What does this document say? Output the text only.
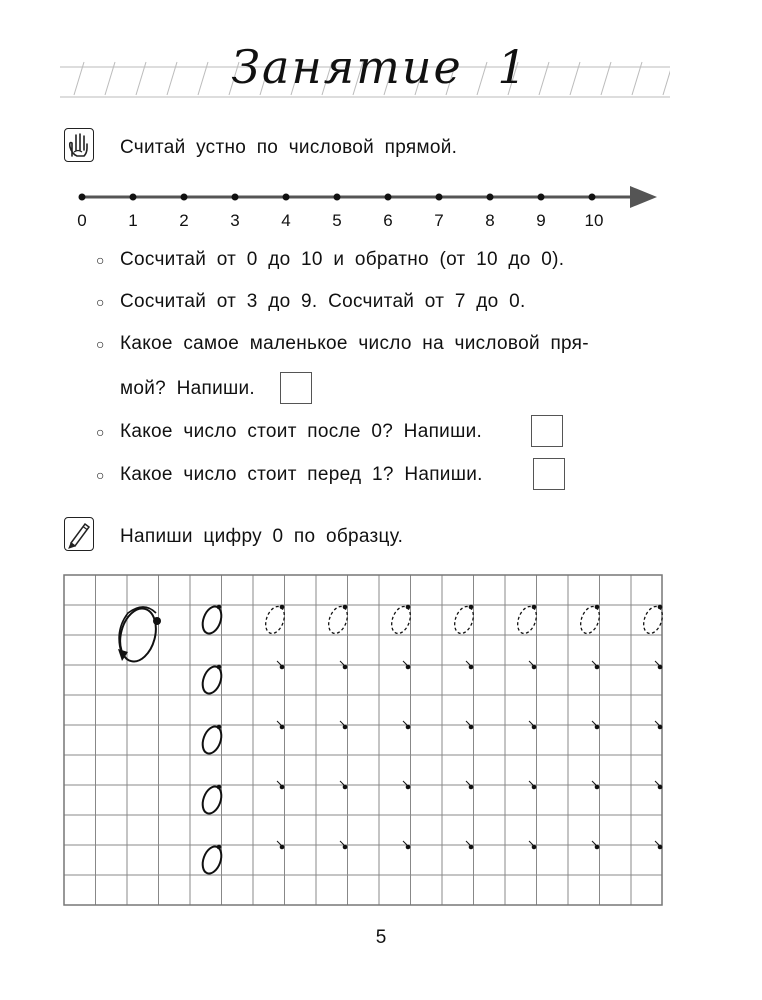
Занятие 1
Считай устно по числовой прямой.
0	1	2	3	4	5	6	7	8	9	10
○ Сосчитай от 0 до 10 и обратно (от 10 до 0).
○ Сосчитай от 3 до 9. Сосчитай от 7 до 0.
○ Какое самое маленькое число на числовой пря-
мой? Напиши.
○ Какое число стоит после 0? Напиши.
○ Какое число стоит перед 1? Напиши.
Напиши цифру 0 по образцу.
5
